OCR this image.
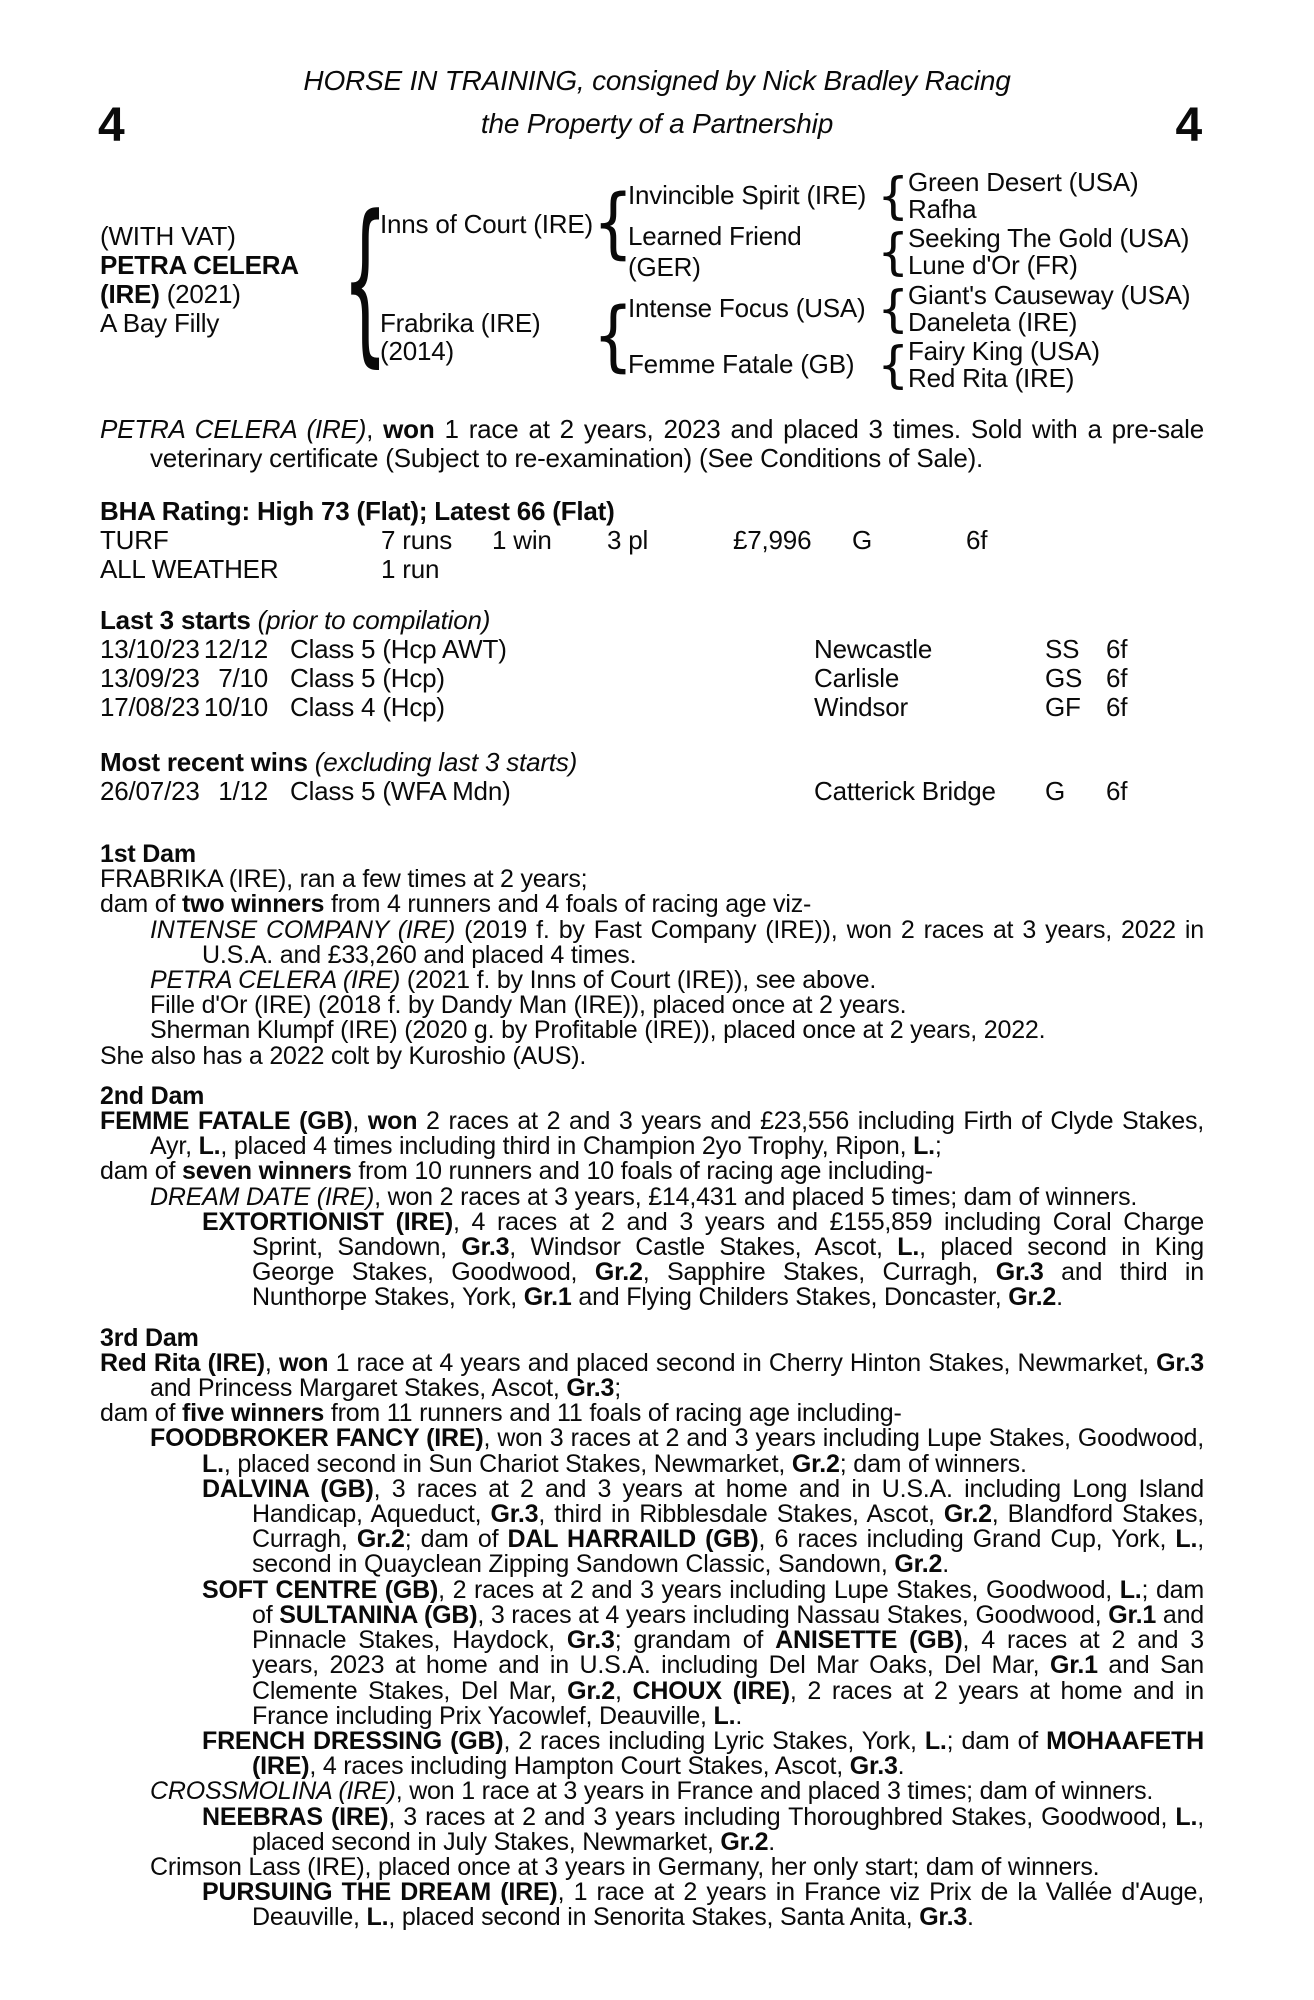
4	4
HORSE IN TRAINING, consigned by Nick Bradley Racing
the Property of a Partnership
(WITH VAT)
PETRA CELERA
(IRE) (2021)
A Bay Filly	{
Inns of Court (IRE) {
Invincible Spirit (IRE) { Green Desert (USA)
Rafha
Learned Friend (GER)	{ Seeking The Gold (USA)
Lune d'Or (FR)
Frabrika (IRE)
(2014)	{
Intense Focus (USA) { Giant's Causeway (USA)
Daneleta (IRE)
Femme Fatale (GB) { Fairy King (USA)
Red Rita (IRE)

PETRA CELERA (IRE), won 1 race at 2 years, 2023 and placed 3 times. Sold with a pre-sale veterinary certificate (Subject to re-examination) (See Conditions of Sale).

BHA Rating: High 73 (Flat); Latest 66 (Flat)

TURF	7 runs	1 win	3 pl	£7,996	G	6f
ALL WEATHER	1 run

Last 3 starts (prior to compilation)

13/10/23 12/12 Class 5 (Hcp AWT)	Newcastle	SS	6f
13/09/23 7/10 Class 5 (Hcp)	Carlisle	GS 6f
17/08/23 10/10 Class 4 (Hcp)	Windsor	GF 6f

Most recent wins (excluding last 3 starts)

26/07/23 1/12 Class 5 (WFA Mdn)	Catterick Bridge	G	6f

1st Dam

FRABRIKA (IRE), ran a few times at 2 years;

dam of two winners from 4 runners and 4 foals of racing age viz-

INTENSE COMPANY (IRE) (2019 f. by Fast Company (IRE)), won 2 races at 3 years, 2022 in U.S.A. and £33,260 and placed 4 times.

PETRA CELERA (IRE) (2021 f. by Inns of Court (IRE)), see above.

Fille d'Or (IRE) (2018 f. by Dandy Man (IRE)), placed once at 2 years.

Sherman Klumpf (IRE) (2020 g. by Profitable (IRE)), placed once at 2 years, 2022.

She also has a 2022 colt by Kuroshio (AUS).

2nd Dam

FEMME FATALE (GB), won 2 races at 2 and 3 years and £23,556 including Firth of Clyde Stakes, Ayr, L., placed 4 times including third in Champion 2yo Trophy, Ripon, L.;

dam of seven winners from 10 runners and 10 foals of racing age including-

DREAM DATE (IRE), won 2 races at 3 years, £14,431 and placed 5 times; dam of winners.

EXTORTIONIST (IRE), 4 races at 2 and 3 years and £155,859 including Coral Charge Sprint, Sandown, Gr.3, Windsor Castle Stakes, Ascot, L., placed second in King George Stakes, Goodwood, Gr.2, Sapphire Stakes, Curragh, Gr.3 and third in Nunthorpe Stakes, York, Gr.1 and Flying Childers Stakes, Doncaster, Gr.2.

3rd Dam

Red Rita (IRE), won 1 race at 4 years and placed second in Cherry Hinton Stakes, Newmarket, Gr.3 and Princess Margaret Stakes, Ascot, Gr.3;

dam of five winners from 11 runners and 11 foals of racing age including-

FOODBROKER FANCY (IRE), won 3 races at 2 and 3 years including Lupe Stakes, Goodwood, L., placed second in Sun Chariot Stakes, Newmarket, Gr.2; dam of winners.

DALVINA (GB), 3 races at 2 and 3 years at home and in U.S.A. including Long Island Handicap, Aqueduct, Gr.3, third in Ribblesdale Stakes, Ascot, Gr.2, Blandford Stakes, Curragh, Gr.2; dam of DAL HARRAILD (GB), 6 races including Grand Cup, York, L., second in Quayclean Zipping Sandown Classic, Sandown, Gr.2.

SOFT CENTRE (GB), 2 races at 2 and 3 years including Lupe Stakes, Goodwood, L.; dam of SULTANINA (GB), 3 races at 4 years including Nassau Stakes, Goodwood, Gr.1 and Pinnacle Stakes, Haydock, Gr.3; grandam of ANISETTE (GB), 4 races at 2 and 3 years, 2023 at home and in U.S.A. including Del Mar Oaks, Del Mar, Gr.1 and San Clemente Stakes, Del Mar, Gr.2, CHOUX (IRE), 2 races at 2 years at home and in France including Prix Yacowlef, Deauville, L..

FRENCH DRESSING (GB), 2 races including Lyric Stakes, York, L.; dam of MOHAAFETH (IRE), 4 races including Hampton Court Stakes, Ascot, Gr.3.

CROSSMOLINA (IRE), won 1 race at 3 years in France and placed 3 times; dam of winners.

NEEBRAS (IRE), 3 races at 2 and 3 years including Thoroughbred Stakes, Goodwood, L., placed second in July Stakes, Newmarket, Gr.2.

Crimson Lass (IRE), placed once at 3 years in Germany, her only start; dam of winners.

PURSUING THE DREAM (IRE), 1 race at 2 years in France viz Prix de la Vallée d'Auge, Deauville, L., placed second in Senorita Stakes, Santa Anita, Gr.3.
